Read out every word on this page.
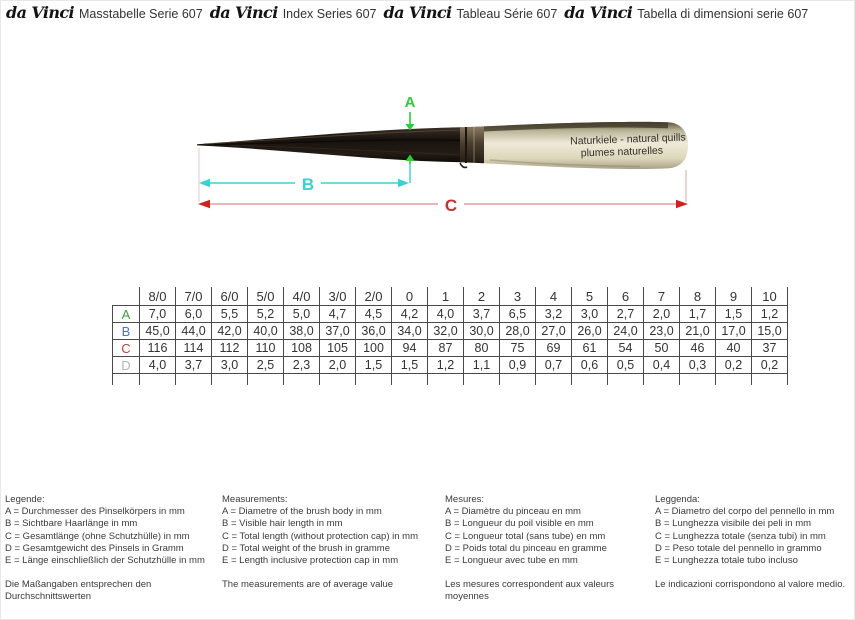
da Vinci Masstabelle Serie 607 da Vinci Index Series 607 da Vinci Tableau Série 607 da Vinci Tabella di dimensioni serie 607
Naturkiele - natural quills
plumes naturelles
A
B
C
	8/0	7/0	6/0	5/0	4/0	3/0	2/0	0	1	2	3	4	5	6	7	8	9	10
A	7,0	6,0	5,5	5,2	5,0	4,7	4,5	4,2	4,0	3,7	6,5	3,2	3,0	2,7	2,0	1,7	1,5	1,2
B	45,0	44,0	42,0	40,0	38,0	37,0	36,0	34,0	32,0	30,0	28,0	27,0	26,0	24,0	23,0	21,0	17,0	15,0
C	116	114	112	110	108	105	100	94	87	80	75	69	61	54	50	46	40	37
D	4,0	3,7	3,0	2,5	2,3	2,0	1,5	1,5	1,2	1,1	0,9	0,7	0,6	0,5	0,4	0,3	0,2	0,2

Legende:
A = Durchmesser des Pinselkörpers in mm
B = Sichtbare Haarlänge in mm
C = Gesamtlänge (ohne Schutzhülle) in mm
D = Gesamtgewicht des Pinsels in Gramm
E = Länge einschließlich der Schutzhülle in mm
Die Maßangaben entsprechen den Durchschnittswerten
Measurements:
A = Diametre of the brush body in mm
B = Visible hair length in mm
C = Total length (without protection cap) in mm
D = Total weight of the brush in gramme
E = Length inclusive protection cap in mm
The measurements are of average value
Mesures:
A = Diamètre du pinceau en mm
B = Longueur du poil visible en mm
C = Longueur total (sans tube) en mm
D = Poids total du pinceau en gramme
E = Longueur avec tube en mm
Les mesures correspondent aux valeurs moyennes
Leggenda:
A = Diametro del corpo del pennello in mm
B = Lunghezza visibile dei peli in mm
C = Lunghezza totale (senza tubi) in mm
D = Peso totale del pennello in grammo
E = Lunghezza totale tubo incluso
Le indicazioni corrispondono al valore medio.
